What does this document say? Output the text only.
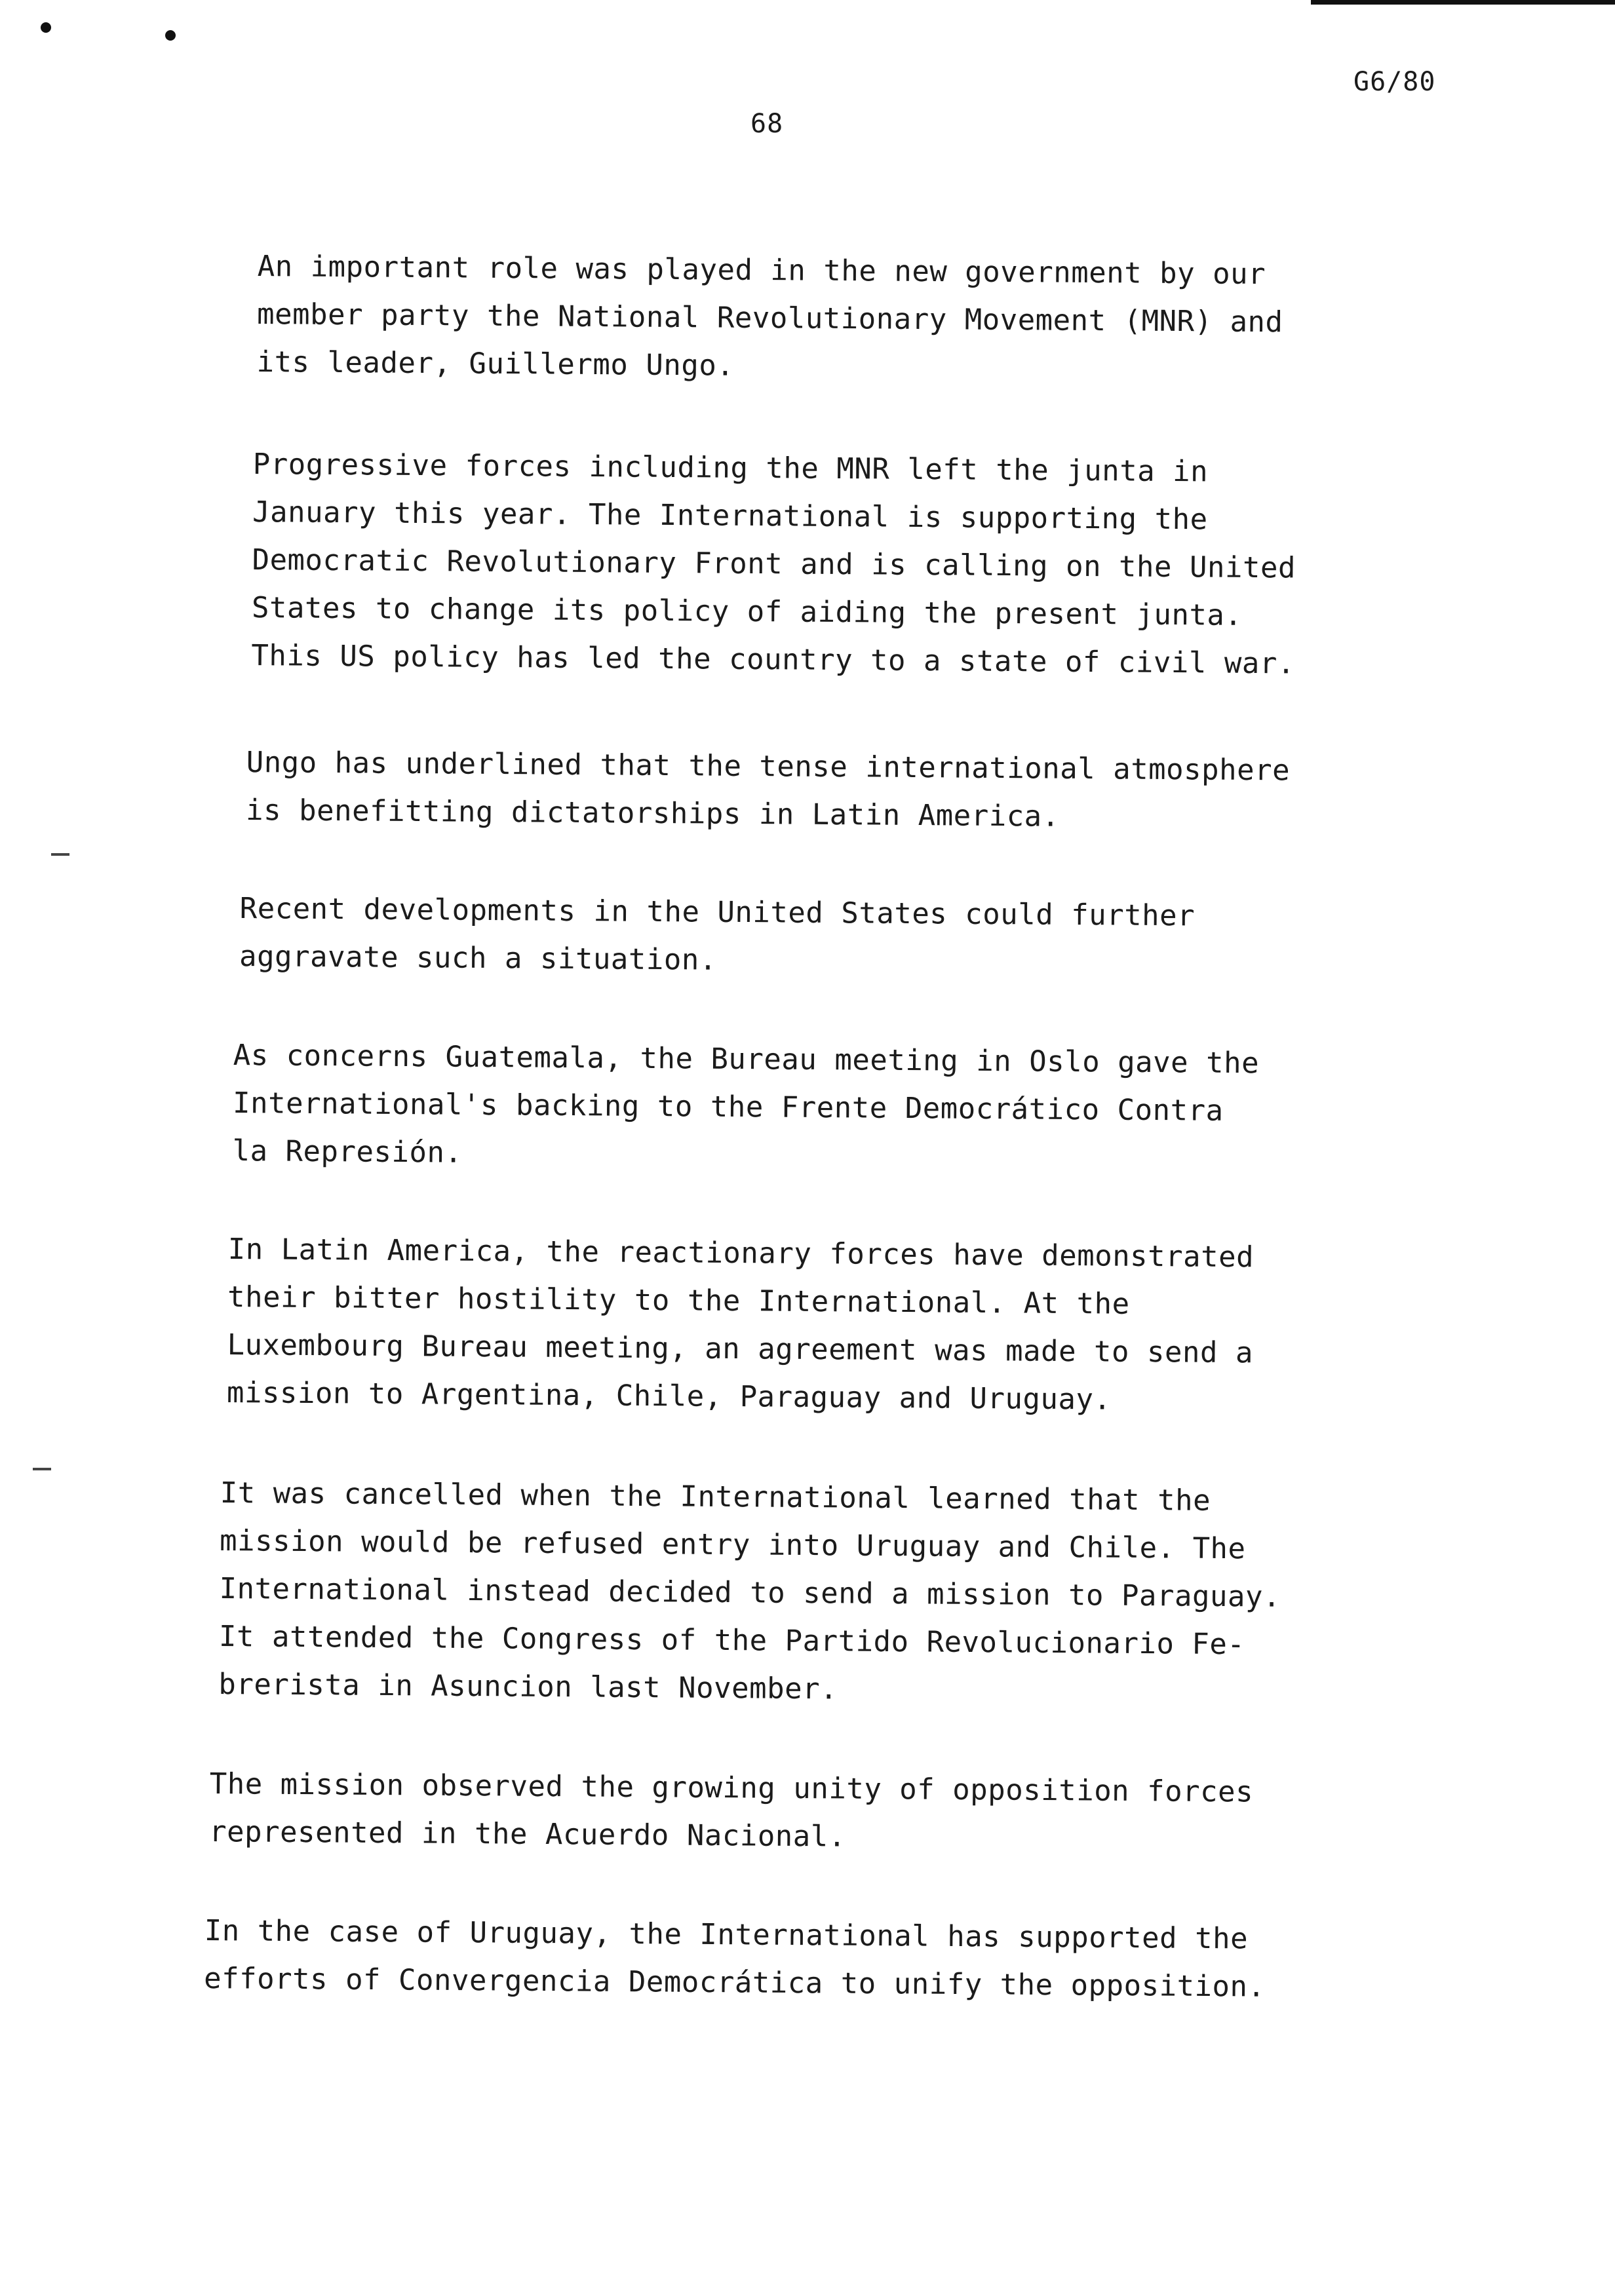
G6/80
68

An important role was played in the new government by our
member party the National Revolutionary Movement (MNR) and
its leader, Guillermo Ungo.

Progressive forces including the MNR left the junta in
January this year. The International is supporting the
Democratic Revolutionary Front and is calling on the United
States to change its policy of aiding the present junta.
This US policy has led the country to a state of civil war.

Ungo has underlined that the tense international atmosphere
is benefitting dictatorships in Latin America.

Recent developments in the United States could further
aggravate such a situation.

As concerns Guatemala, the Bureau meeting in Oslo gave the
International's backing to the Frente Democrático Contra
la Represión.

In Latin America, the reactionary forces have demonstrated
their bitter hostility to the International. At the
Luxembourg Bureau meeting, an agreement was made to send a
mission to Argentina, Chile, Paraguay and Uruguay.

It was cancelled when the International learned that the
mission would be refused entry into Uruguay and Chile. The
International instead decided to send a mission to Paraguay.
It attended the Congress of the Partido Revolucionario Fe-
brerista in Asuncion last November.

The mission observed the growing unity of opposition forces
represented in the Acuerdo Nacional.

In the case of Uruguay, the International has supported the
efforts of Convergencia Democrática to unify the opposition.
